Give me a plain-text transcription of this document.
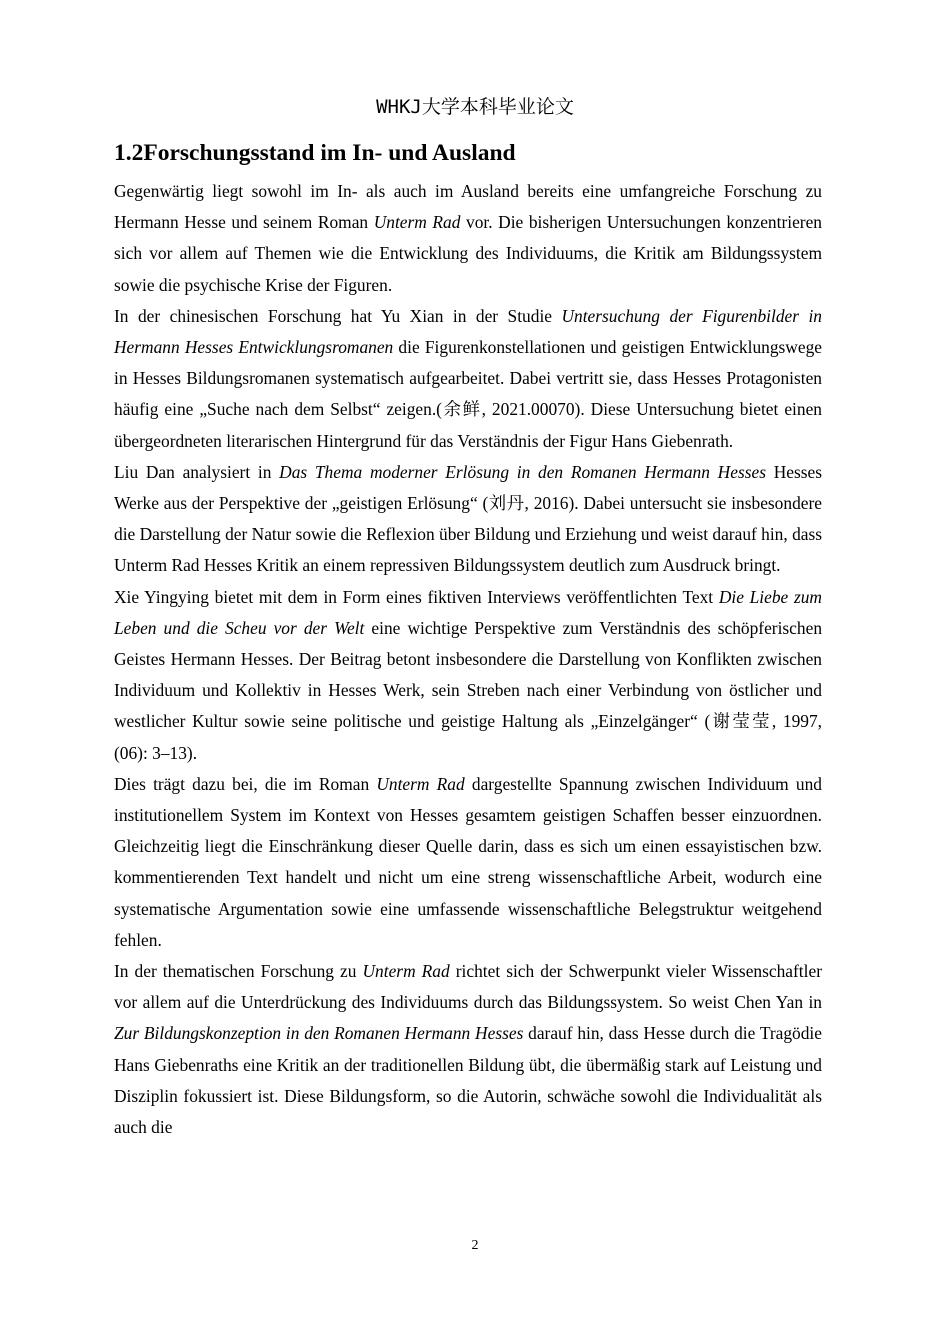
WHKJ大学本科毕业论文
1.2Forschungsstand im In- und Ausland

Gegenwärtig liegt sowohl im In- als auch im Ausland bereits eine umfangreiche Forschung zu Hermann Hesse und seinem Roman Unterm Rad vor. Die bisherigen Untersuchungen konzentrieren sich vor allem auf Themen wie die Entwicklung des Individuums, die Kritik am Bildungssystem sowie die psychische Krise der Figuren.

In der chinesischen Forschung hat Yu Xian in der Studie Untersuchung der Figurenbilder in Hermann Hesses Entwicklungsromanen die Figurenkonstellationen und geistigen Entwicklungswege in Hesses Bildungsromanen systematisch aufgearbeitet. Dabei vertritt sie, dass Hesses Protagonisten häufig eine „Suche nach dem Selbst“ zeigen.(余鲜, 2021.00070). Diese Untersuchung bietet einen übergeordneten literarischen Hintergrund für das Verständnis der Figur Hans Giebenrath.

Liu Dan analysiert in Das Thema moderner Erlösung in den Romanen Hermann Hesses Hesses Werke aus der Perspektive der „geistigen Erlösung“ (刘丹, 2016). Dabei untersucht sie insbesondere die Darstellung der Natur sowie die Reflexion über Bildung und Erziehung und weist darauf hin, dass Unterm Rad Hesses Kritik an einem repressiven Bildungssystem deutlich zum Ausdruck bringt.

Xie Yingying bietet mit dem in Form eines fiktiven Interviews veröffentlichten Text Die Liebe zum Leben und die Scheu vor der Welt eine wichtige Perspektive zum Verständnis des schöpferischen Geistes Hermann Hesses. Der Beitrag betont insbesondere die Darstellung von Konflikten zwischen Individuum und Kollektiv in Hesses Werk, sein Streben nach einer Verbindung von östlicher und westlicher Kultur sowie seine politische und geistige Haltung als „Einzelgänger“ (谢莹莹, 1997, (06): 3–13).

Dies trägt dazu bei, die im Roman Unterm Rad dargestellte Spannung zwischen Individuum und institutionellem System im Kontext von Hesses gesamtem geistigen Schaffen besser einzuordnen. Gleichzeitig liegt die Einschränkung dieser Quelle darin, dass es sich um einen essayistischen bzw. kommentierenden Text handelt und nicht um eine streng wissenschaftliche Arbeit, wodurch eine systematische Argumentation sowie eine umfassende wissenschaftliche Belegstruktur weitgehend fehlen.

In der thematischen Forschung zu Unterm Rad richtet sich der Schwerpunkt vieler Wissenschaftler vor allem auf die Unterdrückung des Individuums durch das Bildungssystem. So weist Chen Yan in Zur Bildungskonzeption in den Romanen Hermann Hesses darauf hin, dass Hesse durch die Tragödie Hans Giebenraths eine Kritik an der traditionellen Bildung übt, die übermäßig stark auf Leistung und Disziplin fokussiert ist. Diese Bildungsform, so die Autorin, schwäche sowohl die Individualität als auch die

2
